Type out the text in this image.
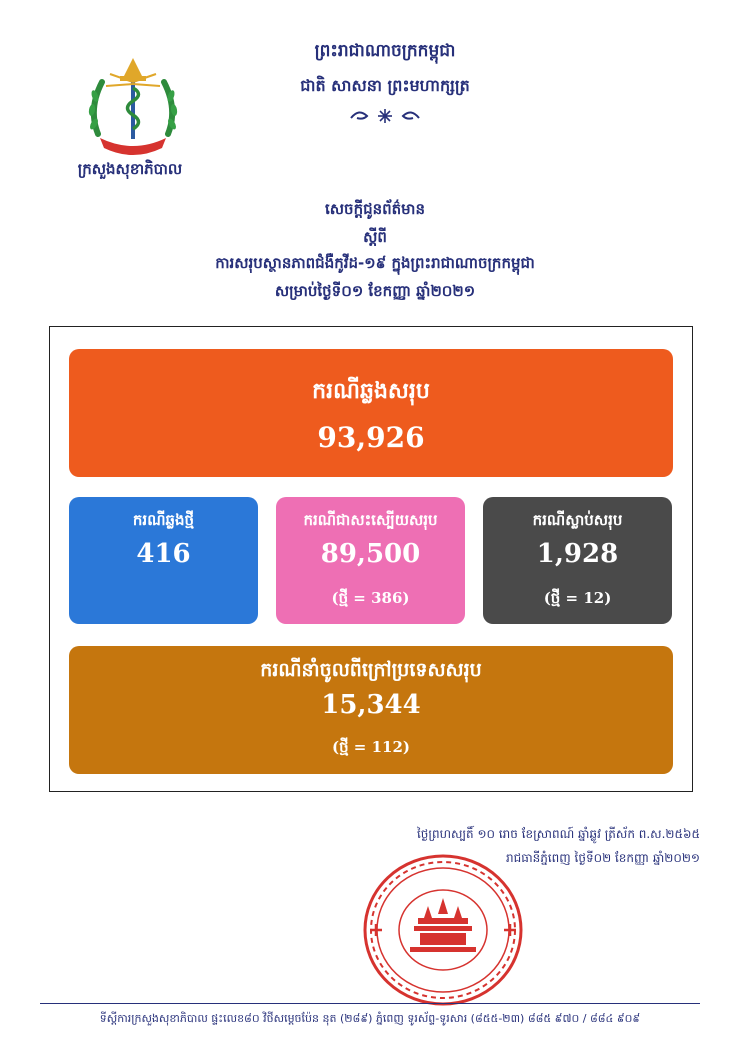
ក្រសួងសុខាភិបាល
ព្រះរាជាណាចក្រកម្ពុជា
ជាតិ សាសនា ព្រះមហាក្សត្រ
សេចក្តីជូនព័ត៌មាន
ស្តីពី
ការសរុបស្ថានភាពជំងឺកូវីដ-១៩ ក្នុងព្រះរាជាណាចក្រកម្ពុជា
សម្រាប់ថ្ងៃទី០១ ខែកញ្ញា ឆ្នាំ២០២១
ករណីឆ្លងសរុប
93,926
ករណីឆ្លងថ្មី
416
ករណីជាសះស្បើយសរុប
89,500
(ថ្មី = 386)
ករណីស្លាប់សរុប
1,928
(ថ្មី = 12)
ករណីនាំចូលពីក្រៅប្រទេសសរុប
15,344
(ថ្មី = 112)
ថ្ងៃព្រហស្បតិ៍ ១០ រោច ខែស្រាពណ៍ ឆ្នាំឆ្លូវ ត្រីស័ក ព.ស.២៥៦៥
រាជធានីភ្នំពេញ ថ្ងៃទី០២ ខែកញ្ញា ឆ្នាំ២០២១
ទីស្តីការក្រសួងសុខាភិបាល ផ្ទះលេខ៨០ វិថីសម្តេចប៉ែន នុត (២៨៩) ភ្នំពេញ ទូរស័ព្ទ-ទូរសារ (៨៥៥-២៣) ៨៨៥ ៩៧០ / ៨៨៤ ៩០៩
